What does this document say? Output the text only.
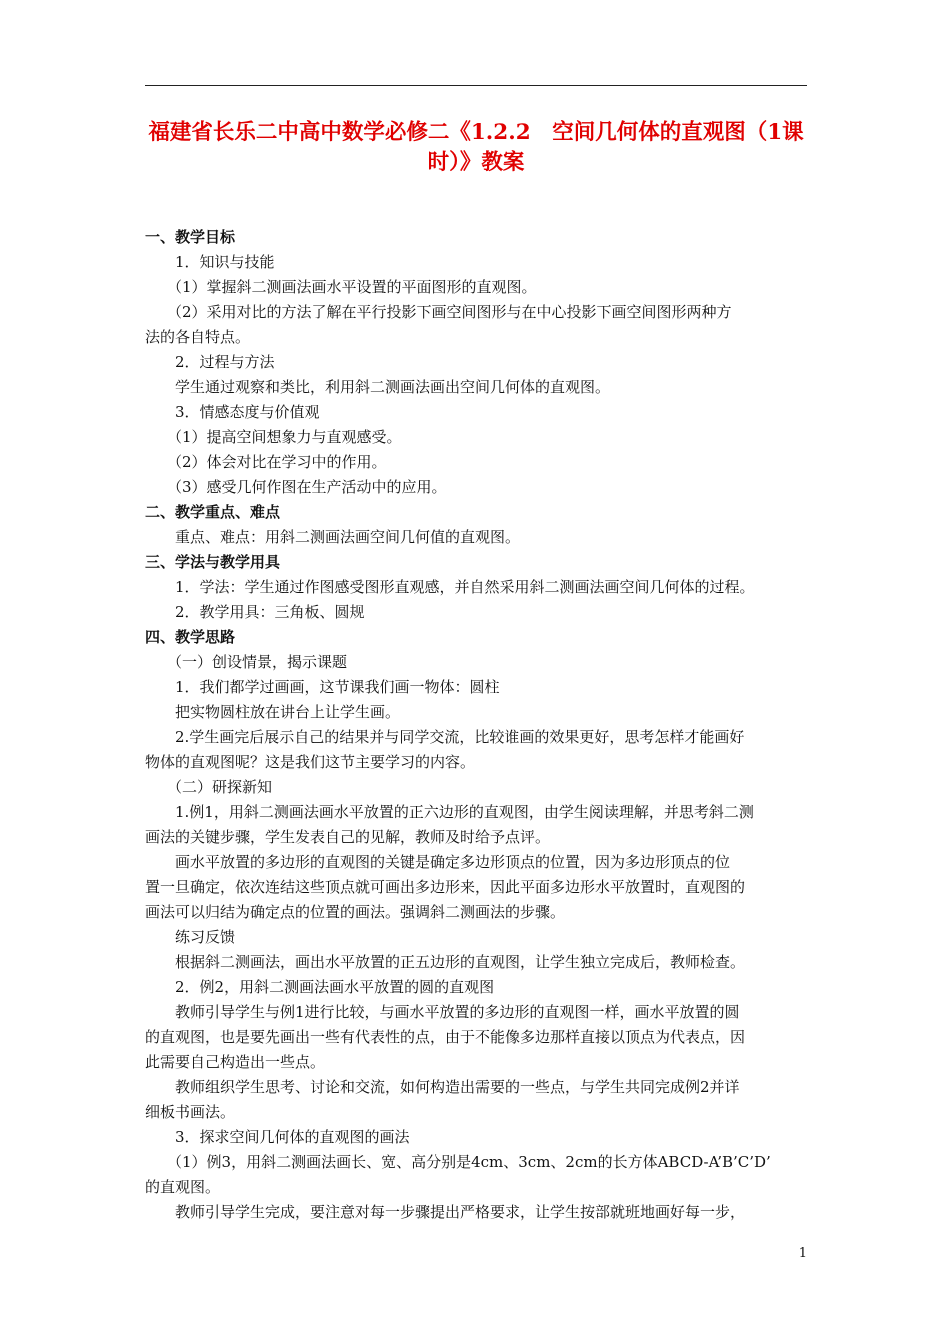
福建省长乐二中高中数学必修二《1.2.2　空间几何体的直观图（1课
时）》教案
一、教学目标
1．知识与技能
（1）掌握斜二测画法画水平设置的平面图形的直观图。
（2）采用对比的方法了解在平行投影下画空间图形与在中心投影下画空间图形两种方
法的各自特点。
2．过程与方法
学生通过观察和类比，利用斜二测画法画出空间几何体的直观图。
3．情感态度与价值观
（1）提高空间想象力与直观感受。
（2）体会对比在学习中的作用。
（3）感受几何作图在生产活动中的应用。
二、教学重点、难点
重点、难点：用斜二测画法画空间几何值的直观图。
三、学法与教学用具
1．学法：学生通过作图感受图形直观感，并自然采用斜二测画法画空间几何体的过程。
2．教学用具：三角板、圆规
四、教学思路
（一）创设情景，揭示课题
1．我们都学过画画，这节课我们画一物体：圆柱
把实物圆柱放在讲台上让学生画。
2.学生画完后展示自己的结果并与同学交流，比较谁画的效果更好，思考怎样才能画好
物体的直观图呢？这是我们这节主要学习的内容。
（二）研探新知
1.例1，用斜二测画法画水平放置的正六边形的直观图，由学生阅读理解，并思考斜二测
画法的关键步骤，学生发表自己的见解，教师及时给予点评。
画水平放置的多边形的直观图的关键是确定多边形顶点的位置，因为多边形顶点的位
置一旦确定，依次连结这些顶点就可画出多边形来，因此平面多边形水平放置时，直观图的
画法可以归结为确定点的位置的画法。强调斜二测画法的步骤。
练习反馈
根据斜二测画法，画出水平放置的正五边形的直观图，让学生独立完成后，教师检查。
2．例2，用斜二测画法画水平放置的圆的直观图
教师引导学生与例1进行比较，与画水平放置的多边形的直观图一样，画水平放置的圆
的直观图，也是要先画出一些有代表性的点，由于不能像多边那样直接以顶点为代表点，因
此需要自己构造出一些点。
教师组织学生思考、讨论和交流，如何构造出需要的一些点，与学生共同完成例2并详
细板书画法。
3．探求空间几何体的直观图的画法
（1）例3，用斜二测画法画长、宽、高分别是4cm、3cm、2cm的长方体ABCD-A’B’C’D’
的直观图。
教师引导学生完成，要注意对每一步骤提出严格要求，让学生按部就班地画好每一步，
1
